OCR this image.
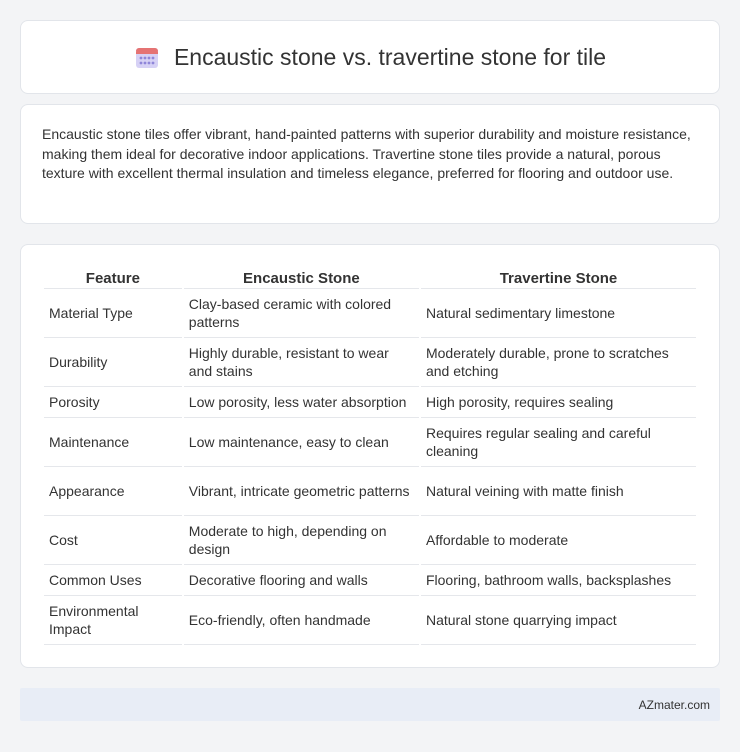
Encaustic stone vs. travertine stone for tile

Encaustic stone tiles offer vibrant, hand-painted patterns with superior durability and moisture resistance, making them ideal for decorative indoor applications. Travertine stone tiles provide a natural, porous texture with excellent thermal insulation and timeless elegance, preferred for flooring and outdoor use.

Feature	Encaustic Stone	Travertine Stone
Material Type	Clay-based ceramic with colored patterns	Natural sedimentary limestone
Durability	Highly durable, resistant to wear and stains	Moderately durable, prone to scratches and etching
Porosity	Low porosity, less water absorption	High porosity, requires sealing
Maintenance	Low maintenance, easy to clean	Requires regular sealing and careful cleaning
Appearance	Vibrant, intricate geometric patterns	Natural veining with matte finish
Cost	Moderate to high, depending on design	Affordable to moderate
Common Uses	Decorative flooring and walls	Flooring, bathroom walls, backsplashes
Environmental Impact	Eco-friendly, often handmade	Natural stone quarrying impact
AZmater.com
